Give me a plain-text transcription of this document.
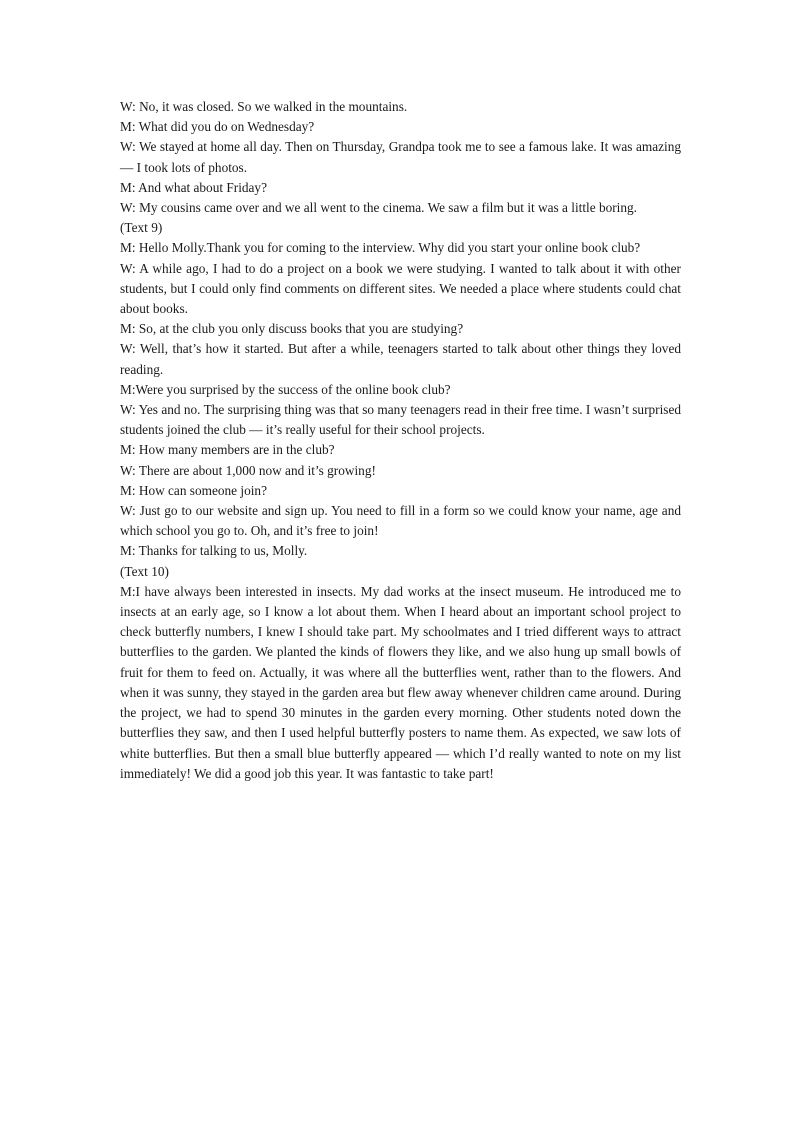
W: No, it was closed. So we walked in the mountains.

M: What did you do on Wednesday?

W: We stayed at home all day. Then on Thursday, Grandpa took me to see a famous lake. It was amazing — I took lots of photos.

M: And what about Friday?

W: My cousins came over and we all went to the cinema. We saw a film but it was a little boring.

(Text 9)

M: Hello Molly.Thank you for coming to the interview. Why did you start your online book club?

W: A while ago, I had to do a project on a book we were studying. I wanted to talk about it with other students, but I could only find comments on different sites. We needed a place where students could chat about books.

M: So, at the club you only discuss books that you are studying?

W: Well, that’s how it started. But after a while, teenagers started to talk about other things they loved reading.

M:Were you surprised by the success of the online book club?

W: Yes and no. The surprising thing was that so many teenagers read in their free time. I wasn’t surprised students joined the club — it’s really useful for their school projects.

M: How many members are in the club?

W: There are about 1,000 now and it’s growing!

M: How can someone join?

W: Just go to our website and sign up. You need to fill in a form so we could know your name, age and which school you go to. Oh, and it’s free to join!

M: Thanks for talking to us, Molly.

(Text 10)

M:I have always been interested in insects. My dad works at the insect museum. He introduced me to insects at an early age, so I know a lot about them. When I heard about an important school project to check butterfly numbers, I knew I should take part. My schoolmates and I tried different ways to attract butterflies to the garden. We planted the kinds of flowers they like, and we also hung up small bowls of fruit for them to feed on. Actually, it was where all the butterflies went, rather than to the flowers. And when it was sunny, they stayed in the garden area but flew away whenever children came around. During the project, we had to spend 30 minutes in the garden every morning. Other students noted down the butterflies they saw, and then I used helpful butterfly posters to name them. As expected, we saw lots of white butterflies. But then a small blue butterfly appeared — which I’d really wanted to note on my list immediately! We did a good job this year. It was fantastic to take part!
